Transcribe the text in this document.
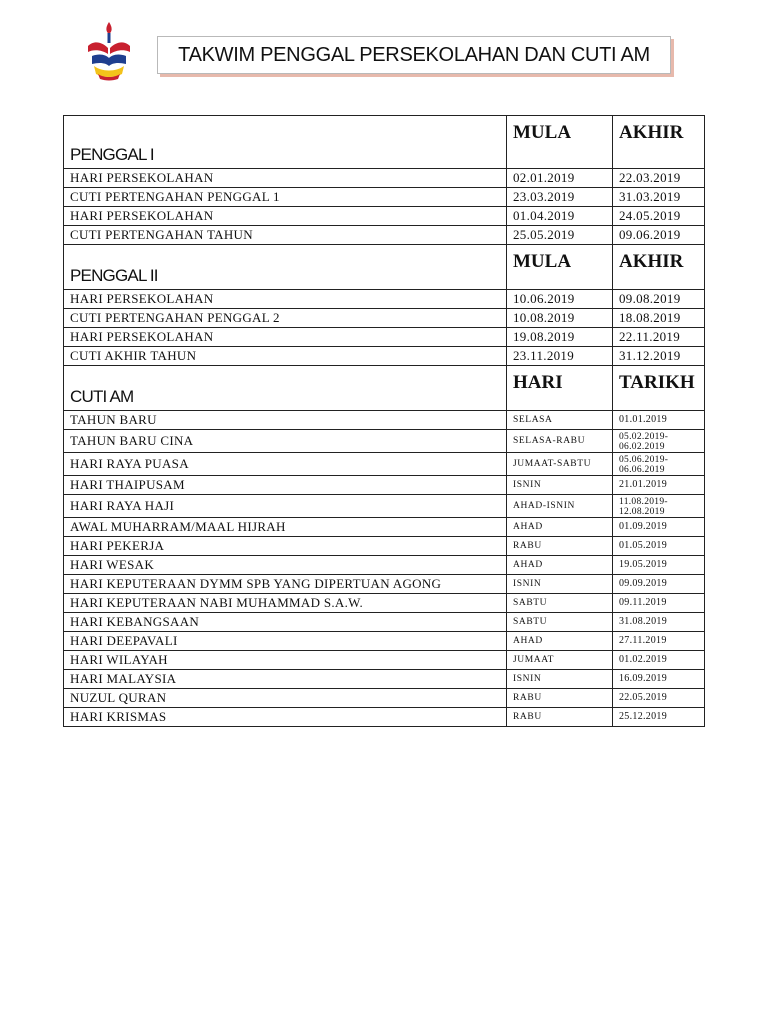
TAKWIM PENGGAL PERSEKOLAHAN DAN CUTI AM
PENGGAL I	MULA	AKHIR
HARI PERSEKOLAHAN	02.01.2019	22.03.2019
CUTI PERTENGAHAN PENGGAL 1	23.03.2019	31.03.2019
HARI PERSEKOLAHAN	01.04.2019	24.05.2019
CUTI PERTENGAHAN TAHUN	25.05.2019	09.06.2019
PENGGAL II	MULA	AKHIR
HARI PERSEKOLAHAN	10.06.2019	09.08.2019
CUTI PERTENGAHAN PENGGAL 2	10.08.2019	18.08.2019
HARI PERSEKOLAHAN	19.08.2019	22.11.2019
CUTI AKHIR TAHUN	23.11.2019	31.12.2019
CUTI AM	HARI	TARIKH
TAHUN BARU	SELASA	01.01.2019
TAHUN BARU CINA	SELASA-RABU	05.02.2019-
06.02.2019
HARI RAYA PUASA	JUMAAT-SABTU	05.06.2019-
06.06.2019
HARI THAIPUSAM	ISNIN	21.01.2019
HARI RAYA HAJI	AHAD-ISNIN	11.08.2019-
12.08.2019
AWAL MUHARRAM/MAAL HIJRAH	AHAD	01.09.2019
HARI PEKERJA	RABU	01.05.2019
HARI WESAK	AHAD	19.05.2019
HARI KEPUTERAAN DYMM SPB YANG DIPERTUAN AGONG	ISNIN	09.09.2019
HARI KEPUTERAAN NABI MUHAMMAD S.A.W.	SABTU	09.11.2019
HARI KEBANGSAAN	SABTU	31.08.2019
HARI DEEPAVALI	AHAD	27.11.2019
HARI WILAYAH	JUMAAT	01.02.2019
HARI MALAYSIA	ISNIN	16.09.2019
NUZUL QURAN	RABU	22.05.2019
HARI KRISMAS	RABU	25.12.2019
